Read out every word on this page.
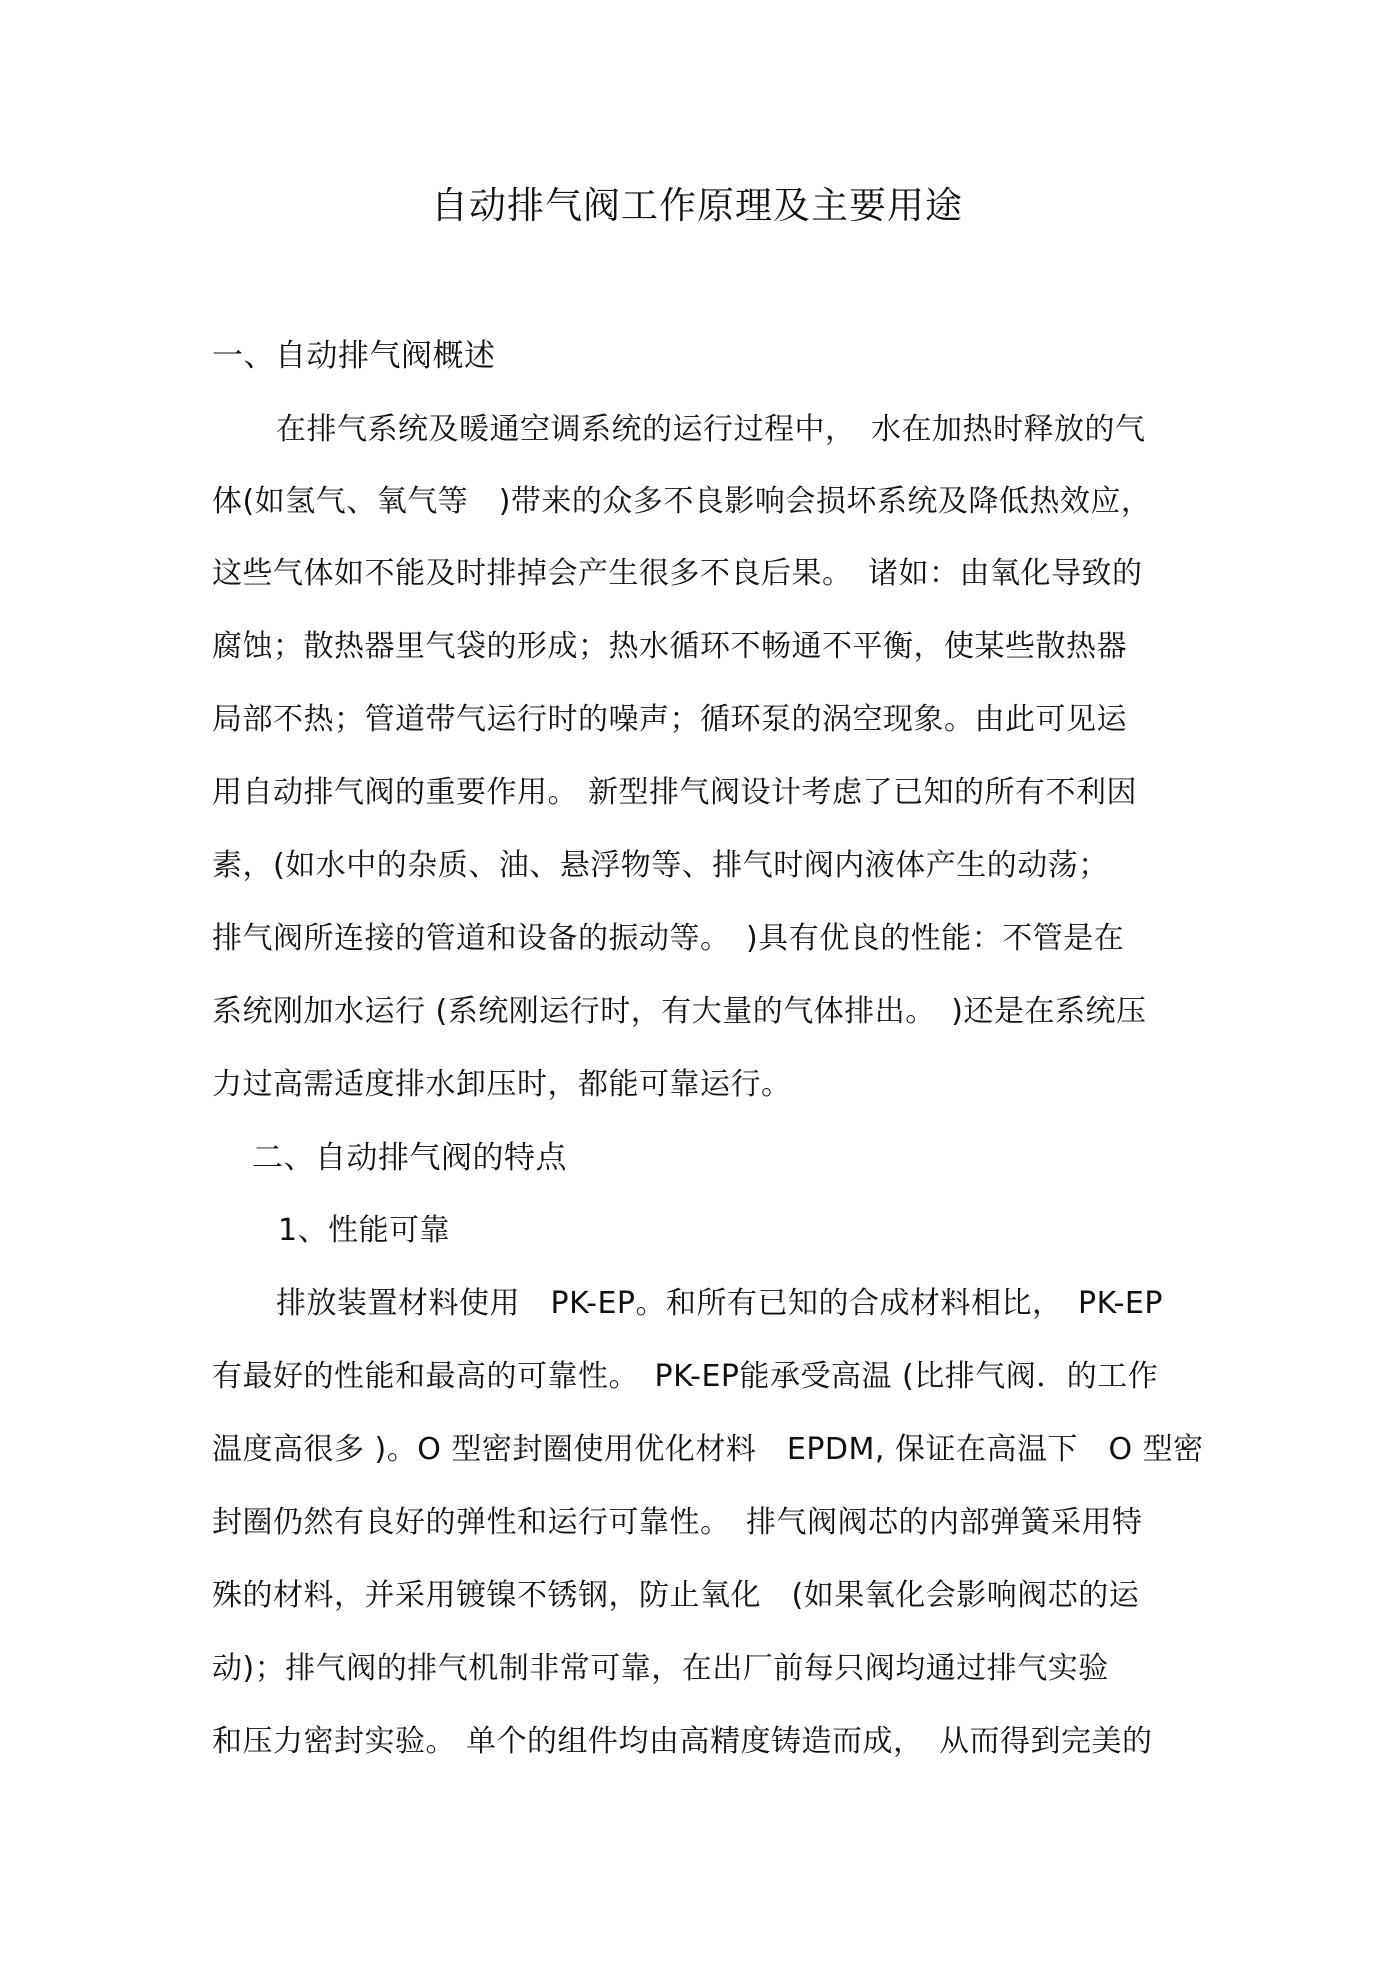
自动排气阀工作原理及主要用途
一、自动排气阀概述
在排气系统及暖通空调系统的运行过程中，　水在加热时释放的气
体(如氢气、氧气等　)带来的众多不良影响会损坏系统及降低热效应，
这些气体如不能及时排掉会产生很多不良后果。　诸如：由氧化导致的
腐蚀；散热器里气袋的形成；热水循环不畅通不平衡，使某些散热器
局部不热；管道带气运行时的噪声；循环泵的涡空现象。由此可见运
用自动排气阀的重要作用。 新型排气阀设计考虑了已知的所有不利因
素，(如水中的杂质、油、悬浮物等、排气时阀内液体产生的动荡；
排气阀所连接的管道和设备的振动等。　)具有优良的性能：不管是在
系统刚加水运行 (系统刚运行时，有大量的气体排出。　)还是在系统压
力过高需适度排水卸压时，都能可靠运行。
二、自动排气阀的特点
1、性能可靠
排放装置材料使用　PK-EP。和所有已知的合成材料相比，　PK-EP
有最好的性能和最高的可靠性。　PK-EP能承受高温 (比排气阀．的工作
温度高很多 )。O 型密封圈使用优化材料　EPDM, 保证在高温下　O 型密
封圈仍然有良好的弹性和运行可靠性。　排气阀阀芯的内部弹簧采用特
殊的材料，并采用镀镍不锈钢，防止氧化　(如果氧化会影响阀芯的运
动)；排气阀的排气机制非常可靠，在出厂前每只阀均通过排气实验
和压力密封实验。 单个的组件均由高精度铸造而成，　从而得到完美的
